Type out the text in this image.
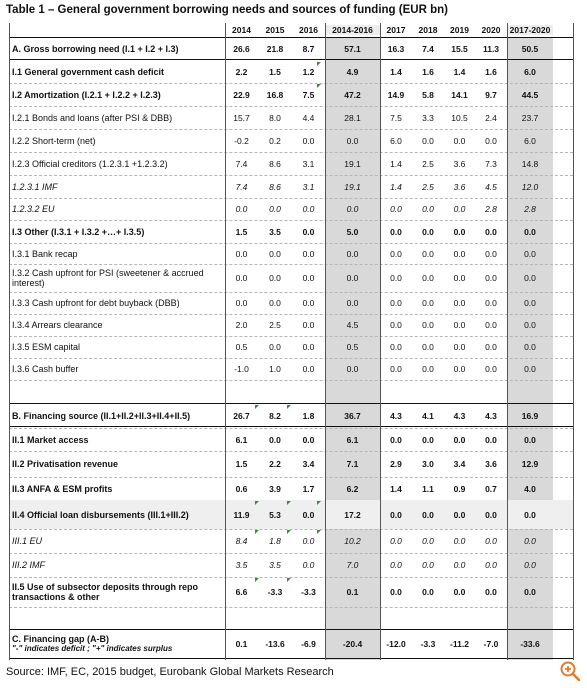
Table 1 – General government borrowing needs and sources of funding (EUR bn)
2014	2015	2016	2014-2016	2017	2018	2019	2020	2017-2020
A. Gross borrowing need (I.1 + I.2 + I.3)	26.6	21.8	8.7	57.1	16.3	7.4	15.5	11.3	50.5
I.1 General government cash deficit	2.2	1.5	1.2	4.9	1.4	1.6	1.4	1.6	6.0
I.2 Amortization (I.2.1 + I.2.2 + I.2.3)	22.9	16.8	7.5	47.2	14.9	5.8	14.1	9.7	44.5
I.2.1 Bonds and loans (after PSI & DBB)	15.7	8.0	4.4	28.1	7.5	3.3	10.5	2.4	23.7
I.2.2 Short-term (net)	-0.2	0.2	0.0	0.0	6.0	0.0	0.0	0.0	6.0
I.2.3 Official creditors (1.2.3.1 +1.2.3.2)	7.4	8.6	3.1	19.1	1.4	2.5	3.6	7.3	14.8
1.2.3.1 IMF	7.4	8.6	3.1	19.1	1.4	2.5	3.6	4.5	12.0
1.2.3.2 EU	0.0	0.0	0.0	0.0	0.0	0.0	0.0	2.8	2.8
I.3 Other (I.3.1 + I.3.2 +…+ I.3.5)	1.5	3.5	0.0	5.0	0.0	0.0	0.0	0.0	0.0
I.3.1 Bank recap	0.0	0.0	0.0	0.0	0.0	0.0	0.0	0.0	0.0
I.3.2 Cash upfront for PSI (sweetener & accrued interest)	0.0	0.0	0.0	0.0	0.0	0.0	0.0	0.0	0.0
I.3.3 Cash upfront for debt buyback (DBB)	0.0	0.0	0.0	0.0	0.0	0.0	0.0	0.0	0.0
I.3.4 Arrears clearance	2.0	2.5	0.0	4.5	0.0	0.0	0.0	0.0	0.0
I.3.5 ESM capital	0.5	0.0	0.0	0.5	0.0	0.0	0.0	0.0	0.0
I.3.6 Cash buffer	-1.0	1.0	0.0	0.0	0.0	0.0	0.0	0.0	0.0
B. Financing source (II.1+II.2+II.3+II.4+II.5)	26.7	8.2	1.8	36.7	4.3	4.1	4.3	4.3	16.9
II.1 Market access	6.1	0.0	0.0	6.1	0.0	0.0	0.0	0.0	0.0
II.2 Privatisation revenue	1.5	2.2	3.4	7.1	2.9	3.0	3.4	3.6	12.9
II.3 ANFA & ESM profits	0.6	3.9	1.7	6.2	1.4	1.1	0.9	0.7	4.0
II.4 Official loan disbursements (III.1+III.2)	11.9	5.3	0.0	17.2	0.0	0.0	0.0	0.0	0.0
III.1 EU	8.4	1.8	0.0	10.2	0.0	0.0	0.0	0.0	0.0
III.2 IMF	3.5	3.5	0.0	7.0	0.0	0.0	0.0	0.0	0.0
II.5 Use of subsector deposits through repo transactions & other	6.6	-3.3	-3.3	0.1	0.0	0.0	0.0	0.0	0.0
C. Financing gap (A-B)
"-" indicates deficit ; "+" indicates surplus	0.1	-13.6	-6.9	-20.4	-12.0	-3.3	-11.2	-7.0	-33.6
Source: IMF, EC, 2015 budget, Eurobank Global Markets Research
